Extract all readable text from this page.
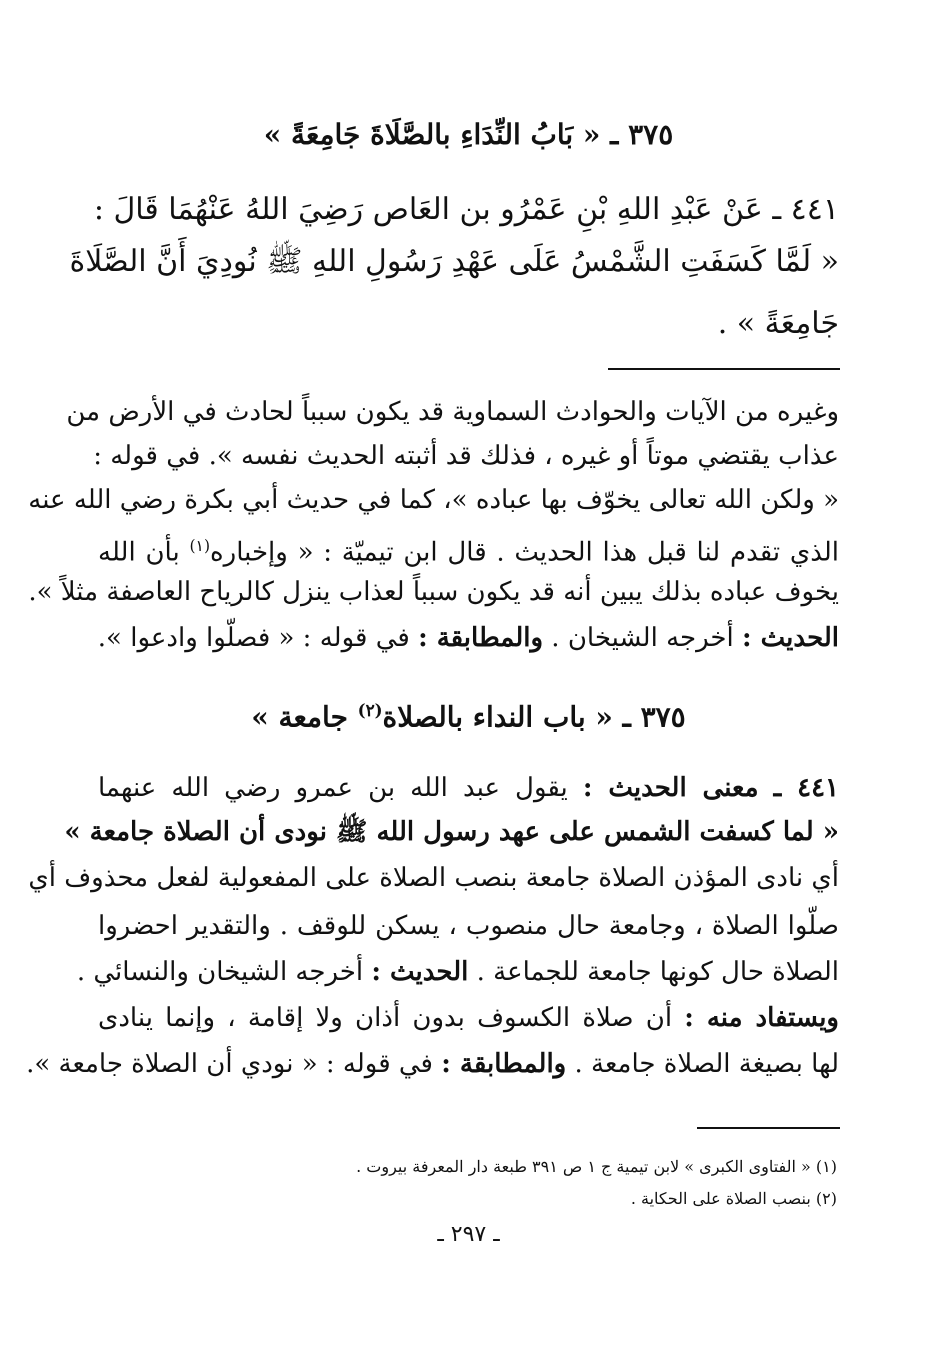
٣٧٥ ـ « بَابُ النِّدَاءِ بالصَّلَاةَ جَامِعَةً »
٤٤١ ـ عَنْ عَبْدِ اللهِ بْنِ عَمْرُو بن العَاص رَضِيَ اللهُ عَنْهُمَا قَالَ :
« لَمَّا كَسَفَتِ الشَّمْسُ عَلَى عَهْدِ رَسُولِ اللهِ ﷺ نُودِيَ أَنَّ الصَّلَاةَ
جَامِعَةً » .
وغيره من الآيات والحوادث السماوية قد يكون سبباً لحادث في الأرض من
عذاب يقتضي موتاً أو غيره ، فذلك قد أثبته الحديث نفسه ». في قوله :
« ولكن الله تعالى يخوّف بها عباده »، كما في حديث أبي بكرة رضي الله عنه
الذي تقدم لنا قبل هذا الحديث . قال ابن تيميّة : « وإخباره$^{(١)}$ بأن الله
يخوف عباده بذلك يبين أنه قد يكون سبباً لعذاب ينزل كالرياح العاصفة مثلاً ».
الحديث : أخرجه الشيخان . والمطابقة : في قوله : « فصلّوا وادعوا ».
٣٧٥ ـ « باب النداء بالصلاة$^{(٢)}$ جامعة »
٤٤١ ـ معنى الحديث : يقول عبد الله بن عمرو رضي الله عنهما
« لما كسفت الشمس على عهد رسول الله ﷺ نودى أن الصلاة جامعة »
أي نادى المؤذن الصلاة جامعة بنصب الصلاة على المفعولية لفعل محذوف أي
صلّوا الصلاة ، وجامعة حال منصوب ، يسكن للوقف . والتقدير احضروا
الصلاة حال كونها جامعة للجماعة . الحديث : أخرجه الشيخان والنسائي .
ويستفاد منه : أن صلاة الكسوف بدون أذان ولا إقامة ، وإنما ينادى
لها بصيغة الصلاة جامعة . والمطابقة : في قوله : « نودي أن الصلاة جامعة ».
(١) « الفتاوى الكبرى » لابن تيمية ج ١ ص ٣٩١ طبعة دار المعرفة بيروت .
(٢) بنصب الصلاة على الحكاية .
ـ ٢٩٧ ـ
